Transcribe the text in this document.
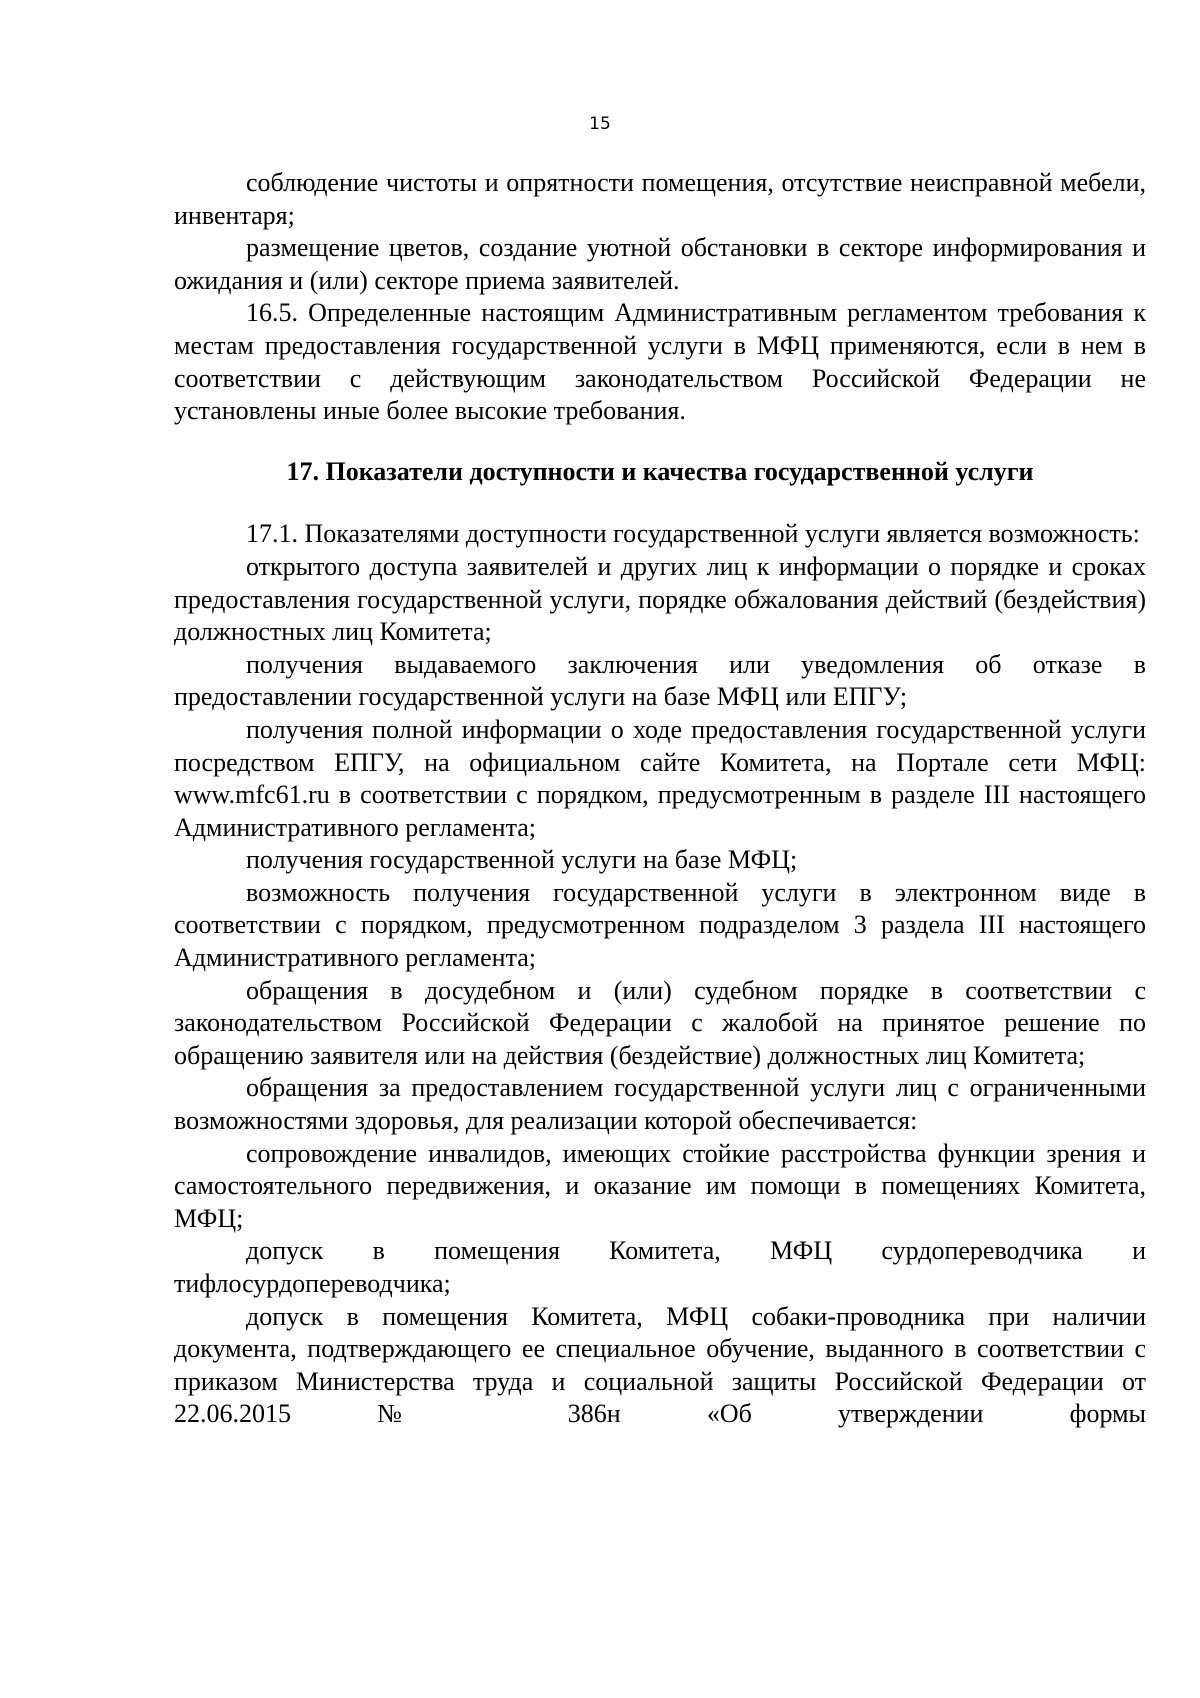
15

соблюдение чистоты и опрятности помещения, отсутствие неисправной мебели, инвентаря;

размещение цветов, создание уютной обстановки в секторе информирования и ожидания и (или) секторе приема заявителей.

16.5. Определенные настоящим Административным регламентом требования к местам предоставления государственной услуги в МФЦ применяются, если в нем в соответствии с действующим законодательством Российской Федерации не установлены иные более высокие требования.

17. Показатели доступности и качества государственной услуги

17.1. Показателями доступности государственной услуги является возможность:

открытого доступа заявителей и других лиц к информации о порядке и сроках предоставления государственной услуги, порядке обжалования действий (бездействия) должностных лиц Комитета;

получения выдаваемого заключения или уведомления об отказе в предоставлении государственной услуги на базе МФЦ или ЕПГУ;

получения полной информации о ходе предоставления государственной услуги посредством ЕПГУ, на официальном сайте Комитета, на Портале сети МФЦ: www.mfc61.ru в соответствии с порядком, предусмотренным в разделе III настоящего Административного регламента;

получения государственной услуги на базе МФЦ;

возможность получения государственной услуги в электронном виде в соответствии с порядком, предусмотренном подразделом 3 раздела III настоящего Административного регламента;

обращения в досудебном и (или) судебном порядке в соответствии с законодательством Российской Федерации с жалобой на принятое решение по обращению заявителя или на действия (бездействие) должностных лиц Комитета;

обращения за предоставлением государственной услуги лиц с ограниченными возможностями здоровья, для реализации которой обеспечивается:

сопровождение инвалидов, имеющих стойкие расстройства функции зрения и самостоятельного передвижения, и оказание им помощи в помещениях Комитета, МФЦ;

допуск в помещения Комитета, МФЦ сурдопереводчика и тифлосурдопереводчика;

допуск в помещения Комитета, МФЦ собаки-проводника при наличии документа, подтверждающего ее специальное обучение, выданного в соответствии с приказом Министерства труда и социальной защиты Российской Федерации от 22.06.2015 № 386н «Об утверждении формы
